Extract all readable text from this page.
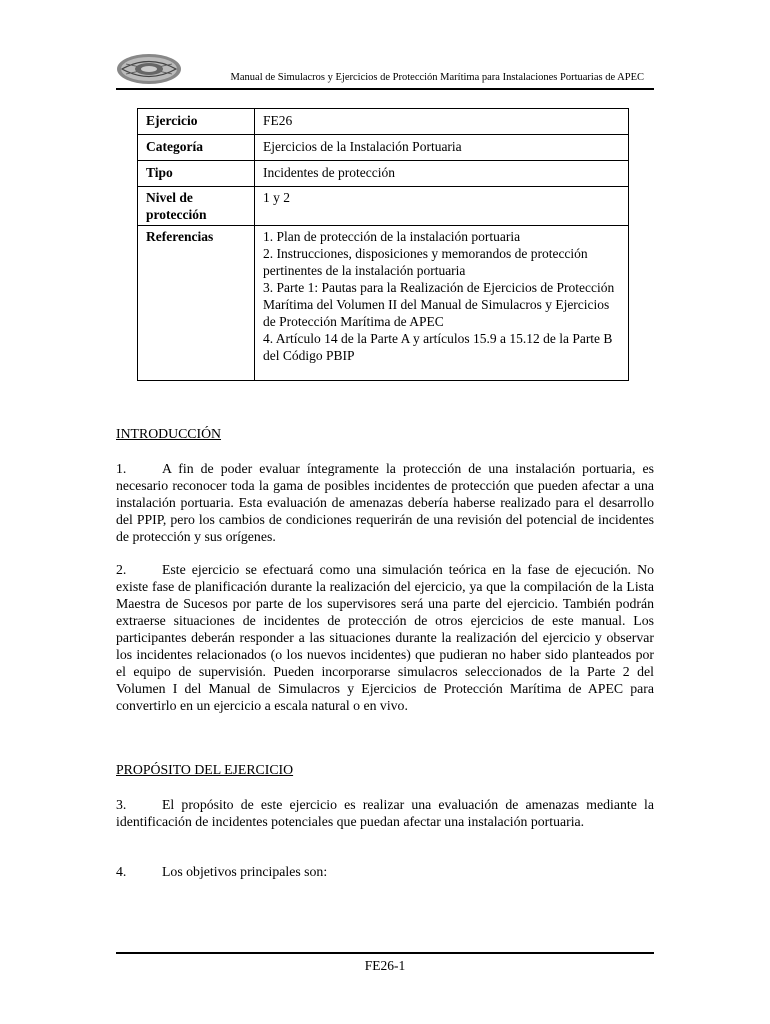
Manual de Simulacros y Ejercicios de Protección Marítima para Instalaciones Portuarias de APEC
Ejercicio	FE26
Categoría	Ejercicios de la Instalación Portuaria
Tipo	Incidentes de protección
Nivel de protección	1 y 2
Referencias	1. Plan de protección de la instalación portuaria
2. Instrucciones, disposiciones y memorandos de protección pertinentes de la instalación portuaria
3. Parte 1: Pautas para la Realización de Ejercicios de Protección Marítima del Volumen II del Manual de Simulacros y Ejercicios de Protección Marítima de APEC
4. Artículo 14 de la Parte A y artículos 15.9 a 15.12 de la Parte B del Código PBIP
INTRODUCCIÓN

1.	A fin de poder evaluar íntegramente la protección de una instalación portuaria, es necesario reconocer toda la gama de posibles incidentes de protección que pueden afectar a una instalación portuaria. Esta evaluación de amenazas debería haberse realizado para el desarrollo del PPIP, pero los cambios de condiciones requerirán de una revisión del potencial de incidentes de protección y sus orígenes.

2.	Este ejercicio se efectuará como una simulación teórica en la fase de ejecución. No existe fase de planificación durante la realización del ejercicio, ya que la compilación de la Lista Maestra de Sucesos por parte de los supervisores será una parte del ejercicio. También podrán extraerse situaciones de incidentes de protección de otros ejercicios de este manual. Los participantes deberán responder a las situaciones durante la realización del ejercicio y observar los incidentes relacionados (o los nuevos incidentes) que pudieran no haber sido planteados por el equipo de supervisión. Pueden incorporarse simulacros seleccionados de la Parte 2 del Volumen I del Manual de Simulacros y Ejercicios de Protección Marítima de APEC para convertirlo en un ejercicio a escala natural o en vivo.

PROPÓSITO DEL EJERCICIO

3.	El propósito de este ejercicio es realizar una evaluación de amenazas mediante la identificación de incidentes potenciales que puedan afectar una instalación portuaria.

4.	Los objetivos principales son:

FE26-1
